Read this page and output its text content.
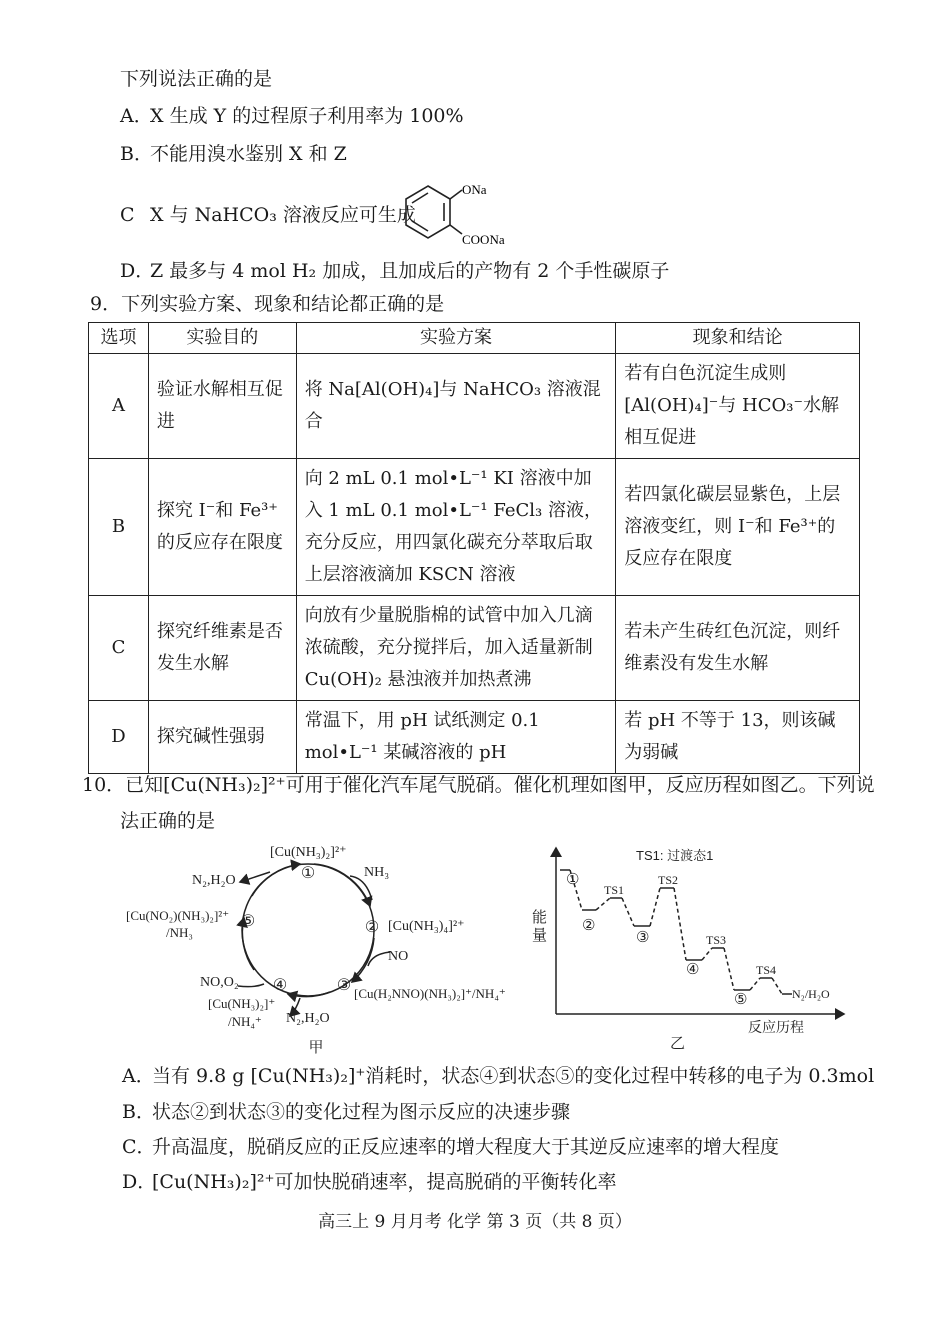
下列说法正确的是
A．X 生成 Y 的过程原子利用率为 100%
B．不能用溴水鉴别 X 和 Z
C X 与 NaHCO₃ 溶液反应可生成
ONa
COONa
D．Z 最多与 4 mol H₂ 加成，且加成后的产物有 2 个手性碳原子
9．下列实验方案、现象和结论都正确的是
选项	实验目的	实验方案	现象和结论
A	验证水解相互促进	将 Na[Al(OH)₄]与 NaHCO₃ 溶液混合	若有白色沉淀生成则[Al(OH)₄]⁻与 HCO₃⁻水解相互促进
B	探究 I⁻和 Fe³⁺的反应存在限度	向 2 mL 0.1 mol•L⁻¹ KI 溶液中加入 1 mL 0.1 mol•L⁻¹ FeCl₃ 溶液，充分反应，用四氯化碳充分萃取后取上层溶液滴加 KSCN 溶液	若四氯化碳层显紫色，上层溶液变红，则 I⁻和 Fe³⁺的反应存在限度
C	探究纤维素是否发生水解	向放有少量脱脂棉的试管中加入几滴浓硫酸，充分搅拌后，加入适量新制 Cu(OH)₂ 悬浊液并加热煮沸	若未产生砖红色沉淀，则纤维素没有发生水解
D	探究碱性强弱	常温下，用 pH 试纸测定 0.1 mol•L⁻¹ 某碱溶液的 pH	若 pH 不等于 13，则该碱为弱碱
10．已知[Cu(NH₃)₂]²⁺可用于催化汽车尾气脱硝。催化机理如图甲，反应历程如图乙。下列说
法正确的是
①
②
③
④
⑤
[Cu(NH₃)₂]²⁺
NH₃
[Cu(NH₃)₄]²⁺
NO
[Cu(H₂NNO)(NH₃)₂]⁺/NH₄⁺
N₂,H₂O
[Cu(NO₂)(NH₃)₂]²⁺
/NH₃
NO,O₂
[Cu(NH₃)₂]⁺
/NH₄⁺ N₂,H₂O
甲
TS1: 过渡态1
能量
①
②
③
④
⑤
TS1
TS2
TS3
TS4
N₂/H₂O
反应历程
乙
A．当有 9.8 g [Cu(NH₃)₂]⁺消耗时，状态④到状态⑤的变化过程中转移的电子为 0.3mol
B．状态②到状态③的变化过程为图示反应的决速步骤
C．升高温度，脱硝反应的正反应速率的增大程度大于其逆反应速率的增大程度
D．[Cu(NH₃)₂]²⁺可加快脱硝速率，提高脱硝的平衡转化率
高三上 9 月月考 化学 第 3 页（共 8 页）
